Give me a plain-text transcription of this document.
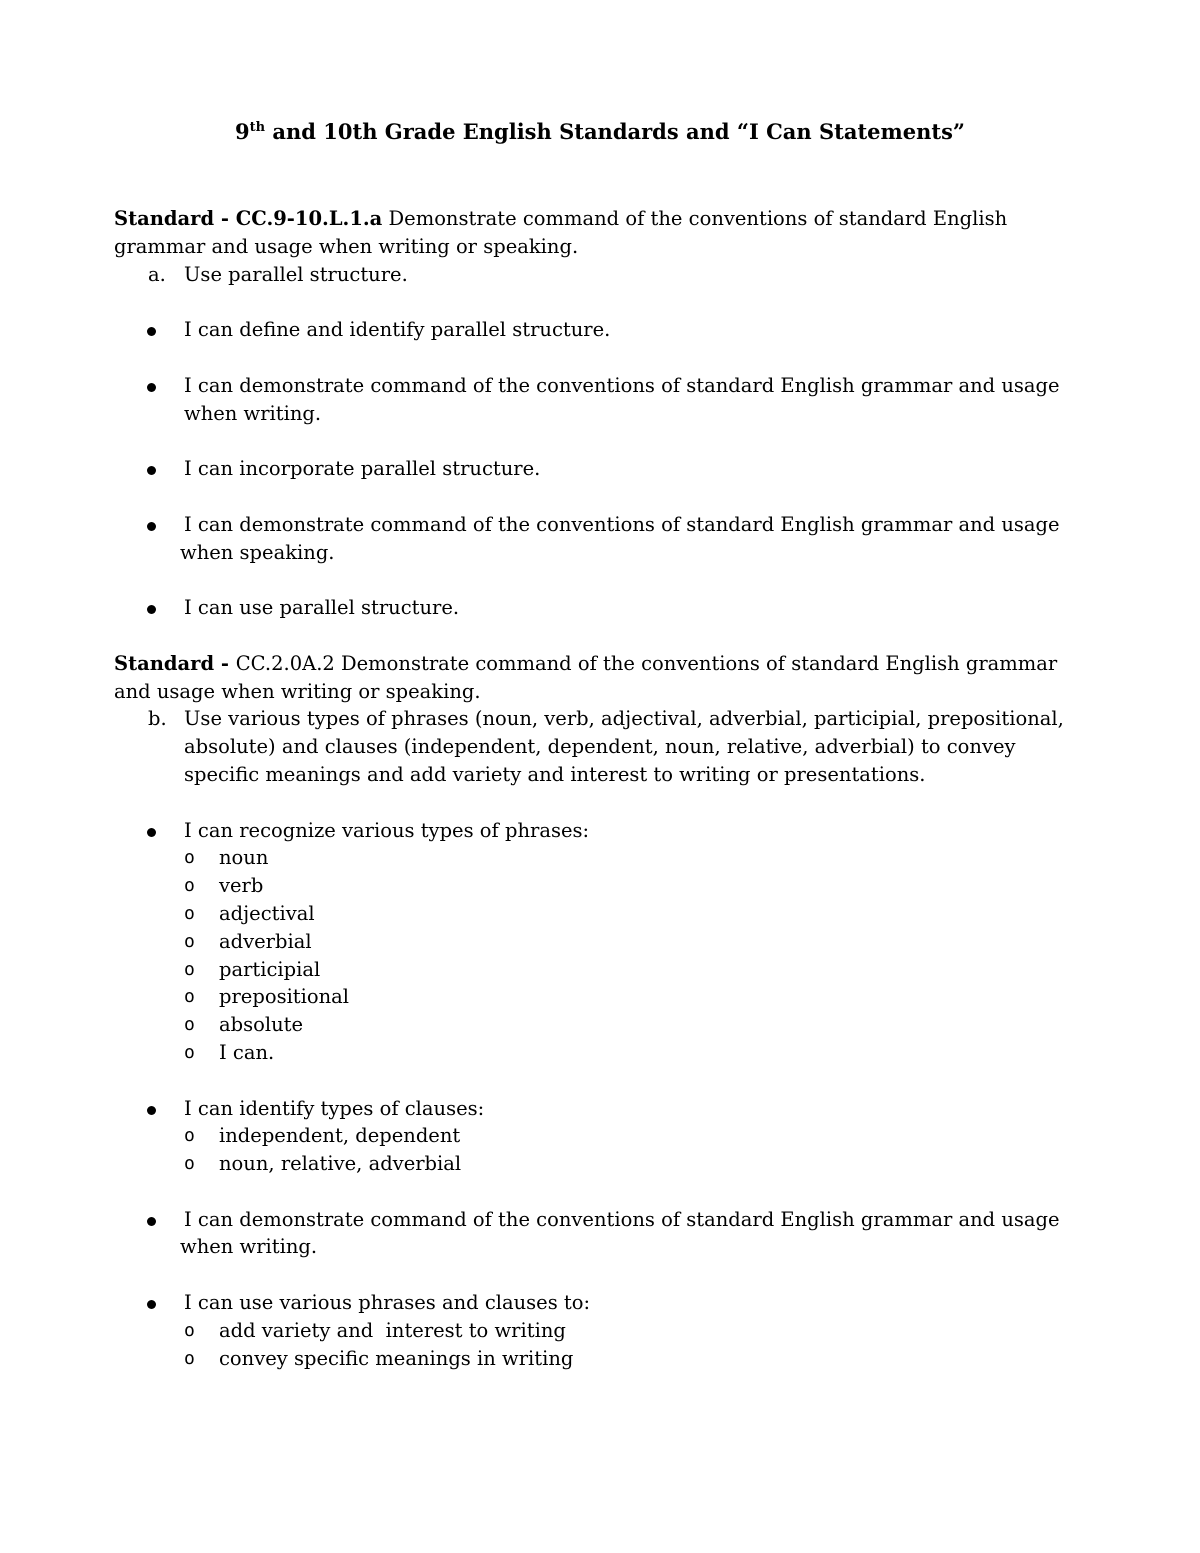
9th and 10th Grade English Standards and “I Can Statements”

Standard - CC.9-10.L.1.a Demonstrate command of the conventions of standard English grammar and usage when writing or speaking.

a. Use parallel structure.

I can define and identify parallel structure.

I can demonstrate command of the conventions of standard English grammar and usage when writing.

I can incorporate parallel structure.

I can demonstrate command of the conventions of standard English grammar and usage when speaking.

I can use parallel structure.

Standard - CC.2.0A.2 Demonstrate command of the conventions of standard English grammar and usage when writing or speaking.

b. Use various types of phrases (noun, verb, adjectival, adverbial, participial, prepositional, absolute) and clauses (independent, dependent, noun, relative, adverbial) to convey specific meanings and add variety and interest to writing or presentations.

I can recognize various types of phrases:

o noun

o verb

o adjectival

o adverbial

o participial

o prepositional

o absolute

o I can.

I can identify types of clauses:

o independent, dependent

o noun, relative, adverbial

I can demonstrate command of the conventions of standard English grammar and usage
when writing.

I can use various phrases and clauses to:

o add variety and  interest to writing

o convey specific meanings in writing
